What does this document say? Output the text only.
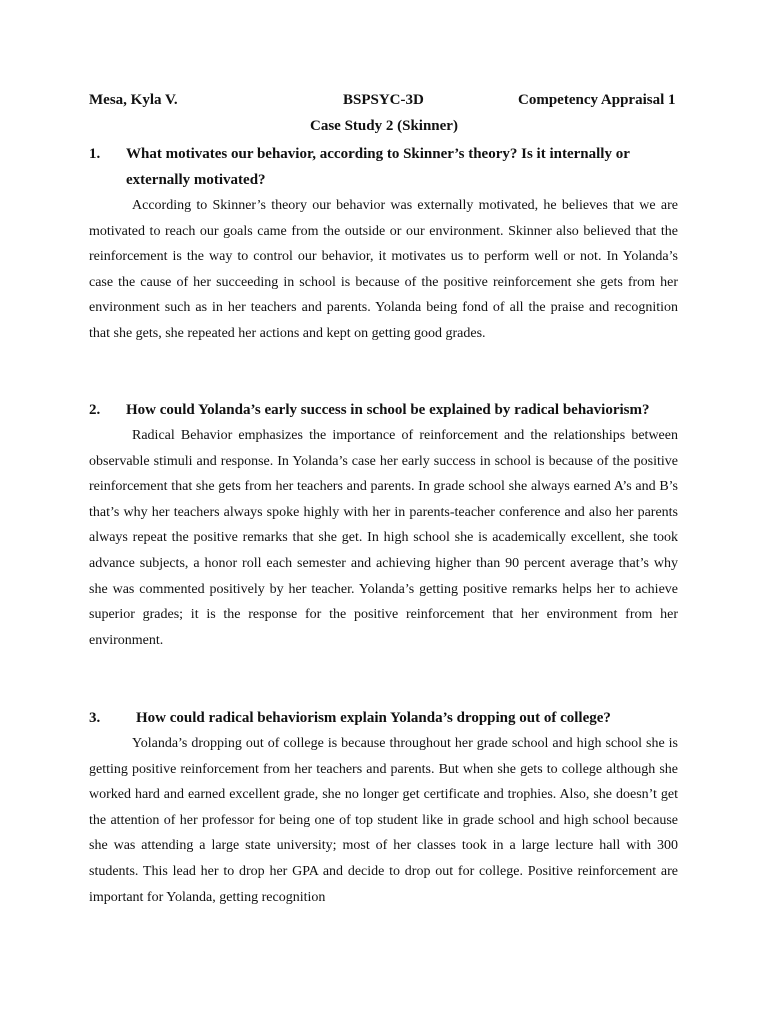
Mesa, Kyla V.	BSPSYC-3D	Competency Appraisal 1
Case Study 2 (Skinner)
1. What motivates our behavior, according to Skinner’s theory? Is it internally or externally motivated?

According to Skinner’s theory our behavior was externally motivated, he believes that we are motivated to reach our goals came from the outside or our environment. Skinner also believed that the reinforcement is the way to control our behavior, it motivates us to perform well or not. In Yolanda’s case the cause of her succeeding in school is because of the positive reinforcement she gets from her environment such as in her teachers and parents. Yolanda being fond of all the praise and recognition that she gets, she repeated her actions and kept on getting good grades.

2. How could Yolanda’s early success in school be explained by radical behaviorism?

Radical Behavior emphasizes the importance of reinforcement and the relationships between observable stimuli and response. In Yolanda’s case her early success in school is because of the positive reinforcement that she gets from her teachers and parents. In grade school she always earned A’s and B’s that’s why her teachers always spoke highly with her in parents-teacher conference and also her parents always repeat the positive remarks that she get. In high school she is academically excellent, she took advance subjects, a honor roll each semester and achieving higher than 90 percent average that’s why she was commented positively by her teacher. Yolanda’s getting positive remarks helps her to achieve superior grades; it is the response for the positive reinforcement that her environment from her environment.

3. How could radical behaviorism explain Yolanda’s dropping out of college?

Yolanda’s dropping out of college is because throughout her grade school and high school she is getting positive reinforcement from her teachers and parents. But when she gets to college although she worked hard and earned excellent grade, she no longer get certificate and trophies. Also, she doesn’t get the attention of her professor for being one of top student like in grade school and high school because she was attending a large state university; most of her classes took in a large lecture hall with 300 students. This lead her to drop her GPA and decide to drop out for college. Positive reinforcement are important for Yolanda, getting recognition
